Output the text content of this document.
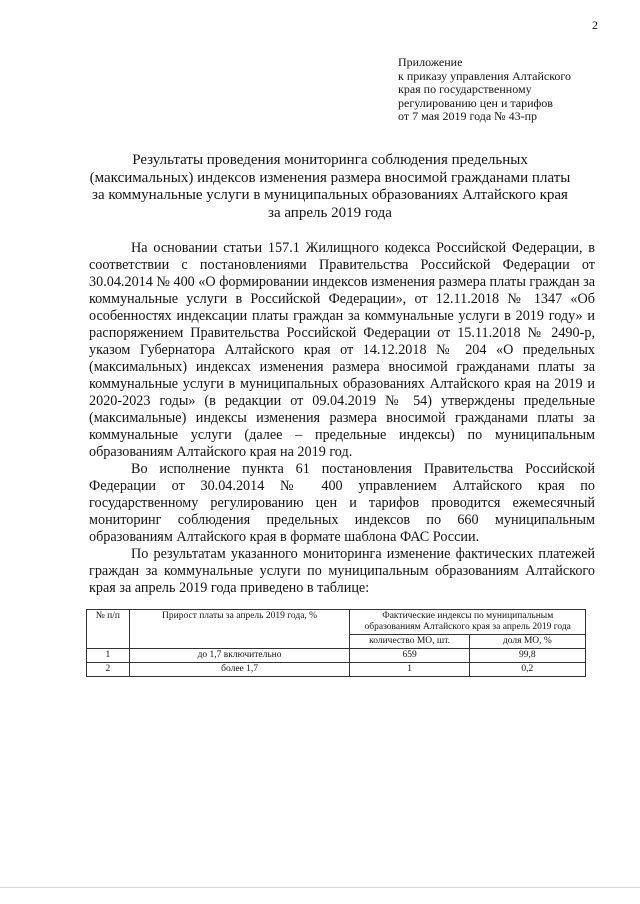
2
Приложение
к приказу управления Алтайского
края по государственному
регулированию цен и тарифов
от 7 мая 2019 года № 43-пр
Результаты проведения мониторинга соблюдения предельных
(максимальных) индексов изменения размера вносимой гражданами платы
за коммунальные услуги в муниципальных образованиях Алтайского края
за апрель 2019 года

На основании статьи 157.1 Жилищного кодекса Российской Федерации, в соответствии с постановлениями Правительства Российской Федерации от 30.04.2014 № 400 «О формировании индексов изменения размера платы граждан за коммунальные услуги в Российской Федерации», от 12.11.2018 № 1347 «Об особенностях индексации платы граждан за коммунальные услуги в 2019 году» и распоряжением Правительства Российской Федерации от 15.11.2018 № 2490-р, указом Губернатора Алтайского края от 14.12.2018 № 204 «О предельных (максимальных) индексах изменения размера вносимой гражданами платы за коммунальные услуги в муниципальных образованиях Алтайского края на 2019 и 2020-2023 годы» (в редакции от 09.04.2019 № 54) утверждены предельные (максимальные) индексы изменения размера вносимой гражданами платы за коммунальные услуги (далее – предельные индексы) по муниципальным образованиям Алтайского края на 2019 год.

Во исполнение пункта 61 постановления Правительства Российской Федерации от 30.04.2014 № 400 управлением Алтайского края по государственному регулированию цен и тарифов проводится ежемесячный мониторинг соблюдения предельных индексов по 660 муниципальным образованиям Алтайского края в формате шаблона ФАС России.

По результатам указанного мониторинга изменение фактических платежей граждан за коммунальные услуги по муниципальным образованиям Алтайского края за апрель 2019 года приведено в таблице:

№ п/п	Прирост платы за апрель 2019 года, %	Фактические индексы по муниципальным образованиям Алтайского края за апрель 2019 года	
		количество МО, шт.	доля МО, %
1	до 1,7 включительно	659	99,8
2	более 1,7	1	0,2
